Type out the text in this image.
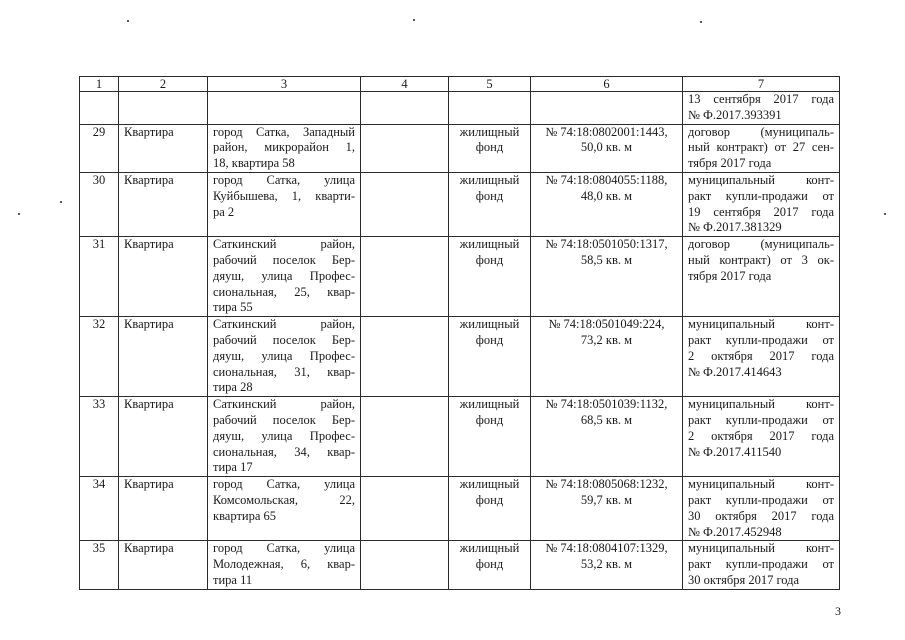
1	2	3	4	5	6	7

						13 сентября 2017 года
№ Ф.2017.393391

29	Квартира	город Сатка, Западный
район, микрорайон 1,
18, квартира 58		жилищный фонд	№ 74:18:0802001:1443,
50,0 кв. м	договор (муниципаль-
ный контракт) от 27 сен-
тября 2017 года

30	Квартира	город Сатка, улица
Куйбышева, 1, кварти-
ра 2		жилищный фонд	№ 74:18:0804055:1188,
48,0 кв. м	муниципальный конт-
ракт купли-продажи от
19 сентября 2017 года
№ Ф.2017.381329

31	Квартира	Саткинский район,
рабочий поселок Бер-
дяуш, улица Профес-
сиональная, 25, квар-
тира 55		жилищный фонд	№ 74:18:0501050:1317,
58,5 кв. м	договор (муниципаль-
ный контракт) от 3 ок-
тября 2017 года

32	Квартира	Саткинский район,
рабочий поселок Бер-
дяуш, улица Профес-
сиональная, 31, квар-
тира 28		жилищный фонд	№ 74:18:0501049:224,
73,2 кв. м	муниципальный конт-
ракт купли-продажи от
2 октября 2017 года
№ Ф.2017.414643

33	Квартира	Саткинский район,
рабочий поселок Бер-
дяуш, улица Профес-
сиональная, 34, квар-
тира 17		жилищный фонд	№ 74:18:0501039:1132,
68,5 кв. м	муниципальный конт-
ракт купли-продажи от
2 октября 2017 года
№ Ф.2017.411540

34	Квартира	город Сатка, улица
Комсомольская, 22,
квартира 65		жилищный фонд	№ 74:18:0805068:1232,
59,7 кв. м	муниципальный конт-
ракт купли-продажи от
30 октября 2017 года
№ Ф.2017.452948

35	Квартира	город Сатка, улица
Молодежная, 6, квар-
тира 11		жилищный фонд	№ 74:18:0804107:1329,
53,2 кв. м	муниципальный конт-
ракт купли-продажи от
30 октября 2017 года
3
